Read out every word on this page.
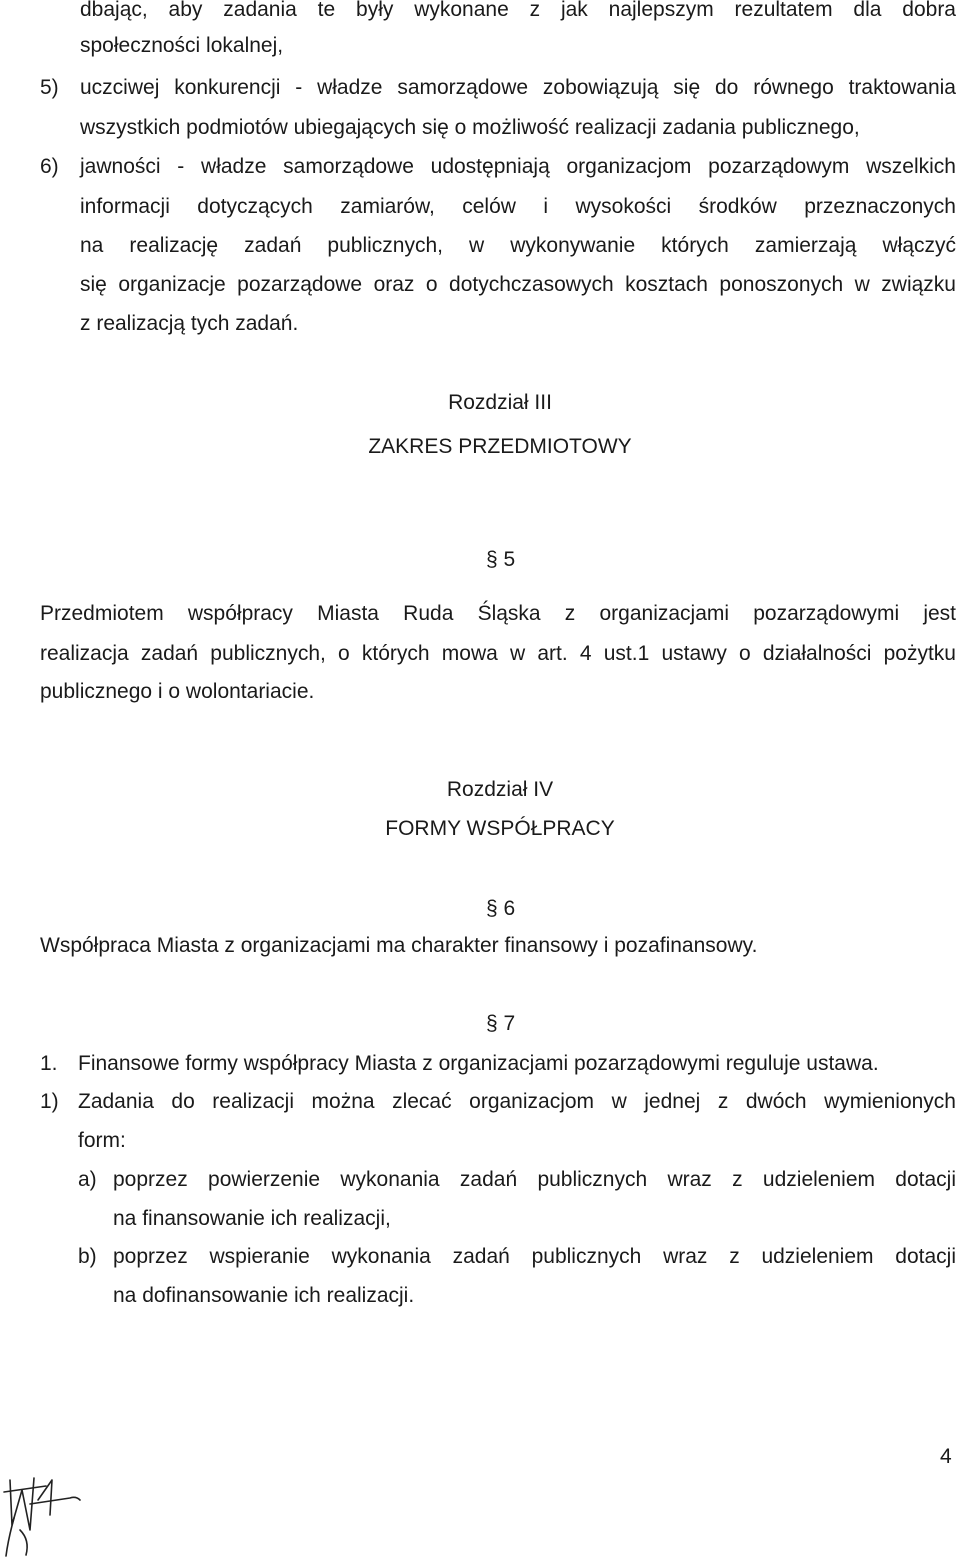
dbając, aby zadania te były wykonane z jak najlepszym rezultatem dla dobra
społeczności lokalnej,
5) uczciwej konkurencji - władze samorządowe zobowiązują się do równego traktowania
wszystkich podmiotów ubiegających się o możliwość realizacji zadania publicznego,
6) jawności - władze samorządowe udostępniają organizacjom pozarządowym wszelkich
informacji dotyczących zamiarów, celów i wysokości środków przeznaczonych
na realizację zadań publicznych, w wykonywanie których zamierzają włączyć
się organizacje pozarządowe oraz o dotychczasowych kosztach ponoszonych w związku
z realizacją tych zadań.
Rozdział III
ZAKRES PRZEDMIOTOWY
§ 5
Przedmiotem współpracy Miasta Ruda Śląska z organizacjami pozarządowymi jest
realizacja zadań publicznych, o których mowa w art. 4 ust.1 ustawy o działalności pożytku
publicznego i o wolontariacie.
Rozdział IV
FORMY WSPÓŁPRACY
§ 6
Współpraca Miasta z organizacjami ma charakter finansowy i pozafinansowy.
§ 7
1. Finansowe formy współpracy Miasta z organizacjami pozarządowymi reguluje ustawa.
1) Zadania do realizacji można zlecać organizacjom w jednej z dwóch wymienionych
form:
a) poprzez powierzenie wykonania zadań publicznych wraz z udzieleniem dotacji
na finansowanie ich realizacji,
b) poprzez wspieranie wykonania zadań publicznych wraz z udzieleniem dotacji
na dofinansowanie ich realizacji.
4
